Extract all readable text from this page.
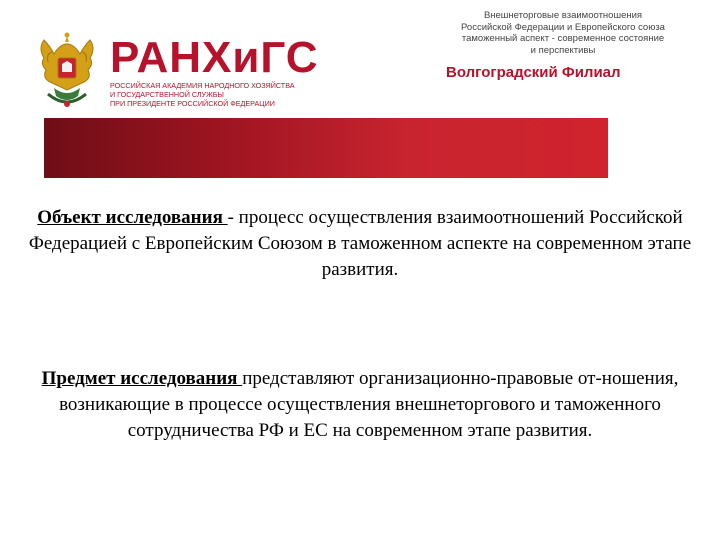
РАНХиГС
РОССИЙСКАЯ АКАДЕМИЯ НАРОДНОГО ХОЗЯЙСТВА
И ГОСУДАРСТВЕННОЙ СЛУЖБЫ
ПРИ ПРЕЗИДЕНТЕ РОССИЙСКОЙ ФЕДЕРАЦИИ
Внешнеторговые взаимоотношения
Российской Федерации и Европейского союза
таможенный аспект - современное состояние
и перспективы
Волгоградский Филиал
Объект исследования - процесс осуществления взаимоотношений Российской Федерацией с Европейским Союзом в таможенном аспекте на современном этапе развития.
Предмет исследования представляют организационно-правовые от-ношения, возникающие в процессе осуществления внешнеторгового и таможенного сотрудничества РФ и ЕС на современном этапе развития.
